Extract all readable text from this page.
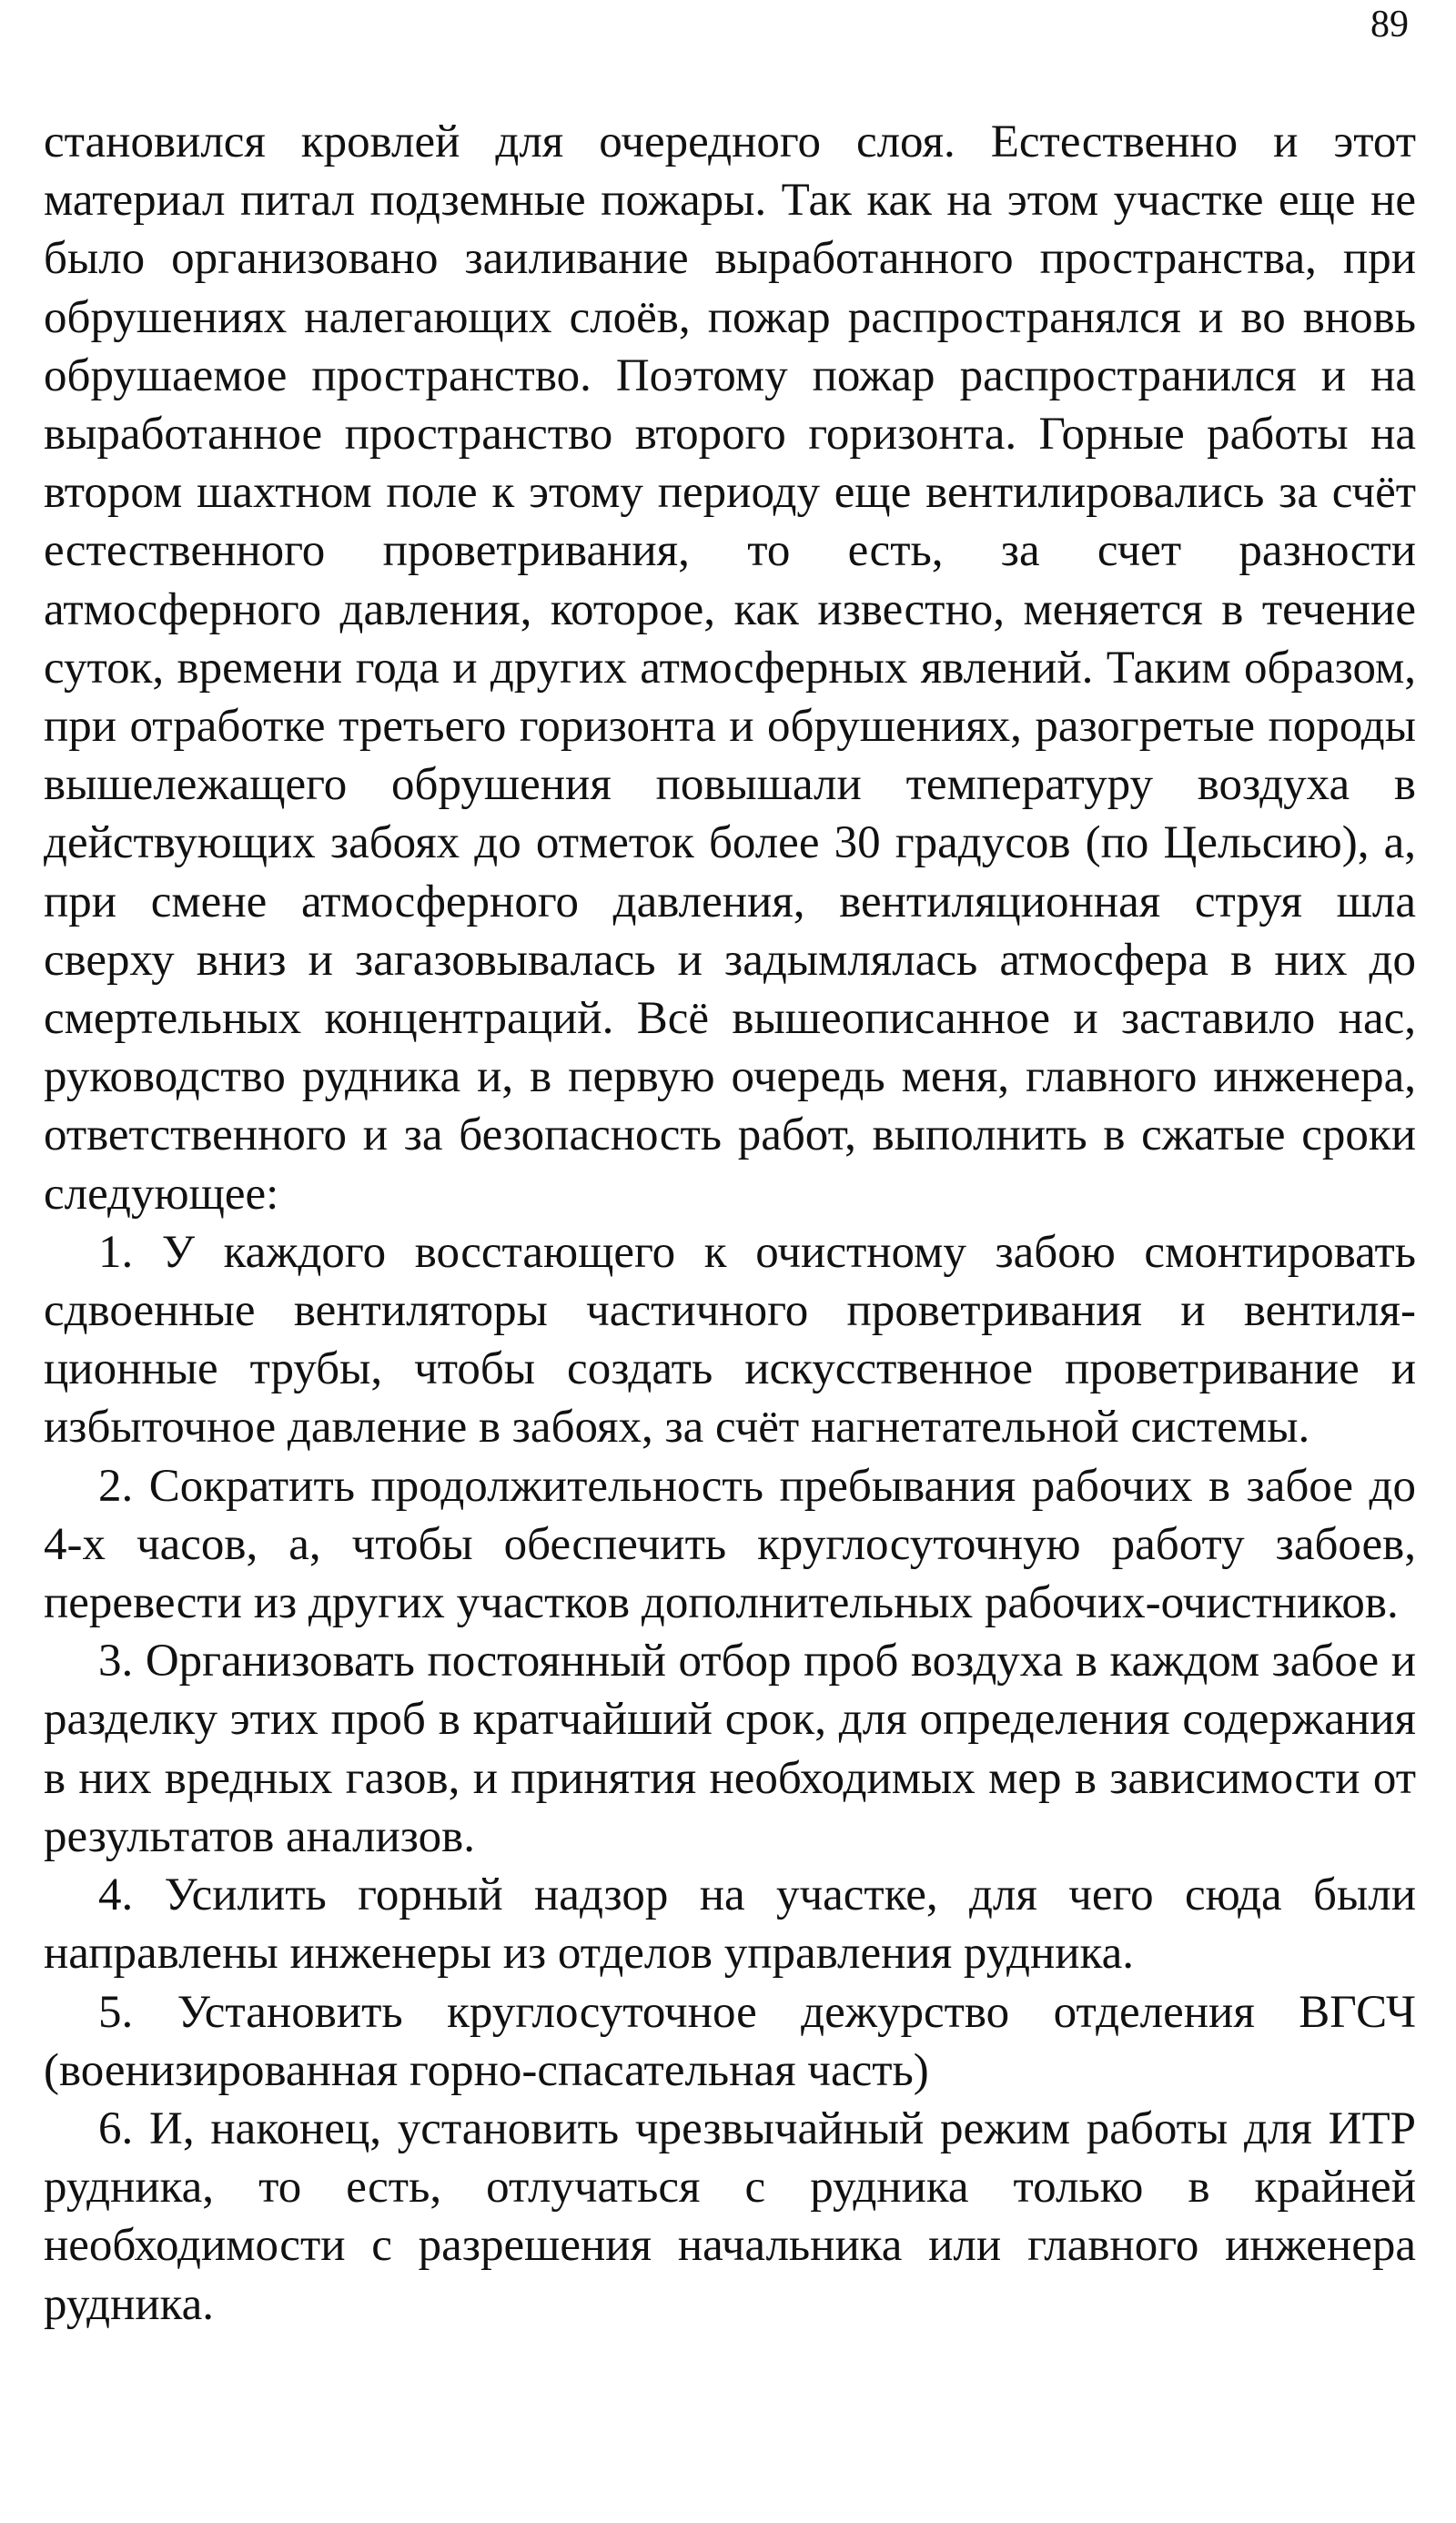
89

становился кровлей для очередного слоя. Естественно и этот материал питал подземные пожары. Так как на этом участке еще не было организовано заиливание выработанного пространства, при обрушениях налегающих слоёв, пожар распространялся и во вновь обрушаемое пространство. Поэтому пожар распространился и на выработанное пространство второго горизонта. Горные работы на втором шахтном поле к этому периоду еще вентилировались за счёт естественного проветривания, то есть, за счет разности атмосферного давления, которое, как известно, меняется в течение суток, времени года и других атмосферных явлений. Таким образом, при отработке третьего горизонта и обрушениях, разогретые породы вышележащего обрушения повышали температуру воздуха в действующих забоях до отметок более 30 градусов (по Цельсию), а, при смене атмосферного давления, вентиляционная струя шла сверху вниз и загазовывалась и задымлялась атмосфера в них до смертельных концентраций. Всё вышеописанное и заставило нас, руководство рудника и, в первую очередь меня, главного инженера, ответственного и за безопасность работ, выполнить в сжатые сроки следующее:

1. У каждого восстающего к очистному забою смонтировать сдвоенные вентиляторы частичного проветривания и вентиляционные трубы, чтобы создать искусственное проветривание и избыточное давление в забоях, за счёт нагнетательной системы.

2. Сократить продолжительность пребывания рабочих в забое до 4-х часов, а, чтобы обеспечить круглосуточную работу забоев, перевести из других участков дополнительных рабочих-очистников.

3. Организовать постоянный отбор проб воздуха в каждом забое и разделку этих проб в кратчайший срок, для определения содержания в них вредных газов, и принятия необходимых мер в зависимости от результатов анализов.

4. Усилить горный надзор на участке, для чего сюда были направлены инженеры из отделов управления рудника.

5. Установить круглосуточное дежурство отделения ВГСЧ (военизированная горно-спасательная часть)

6. И, наконец, установить чрезвычайный режим работы для ИТР рудника, то есть, отлучаться с рудника только в крайней необходимости с разрешения начальника или главного инженера рудника.
